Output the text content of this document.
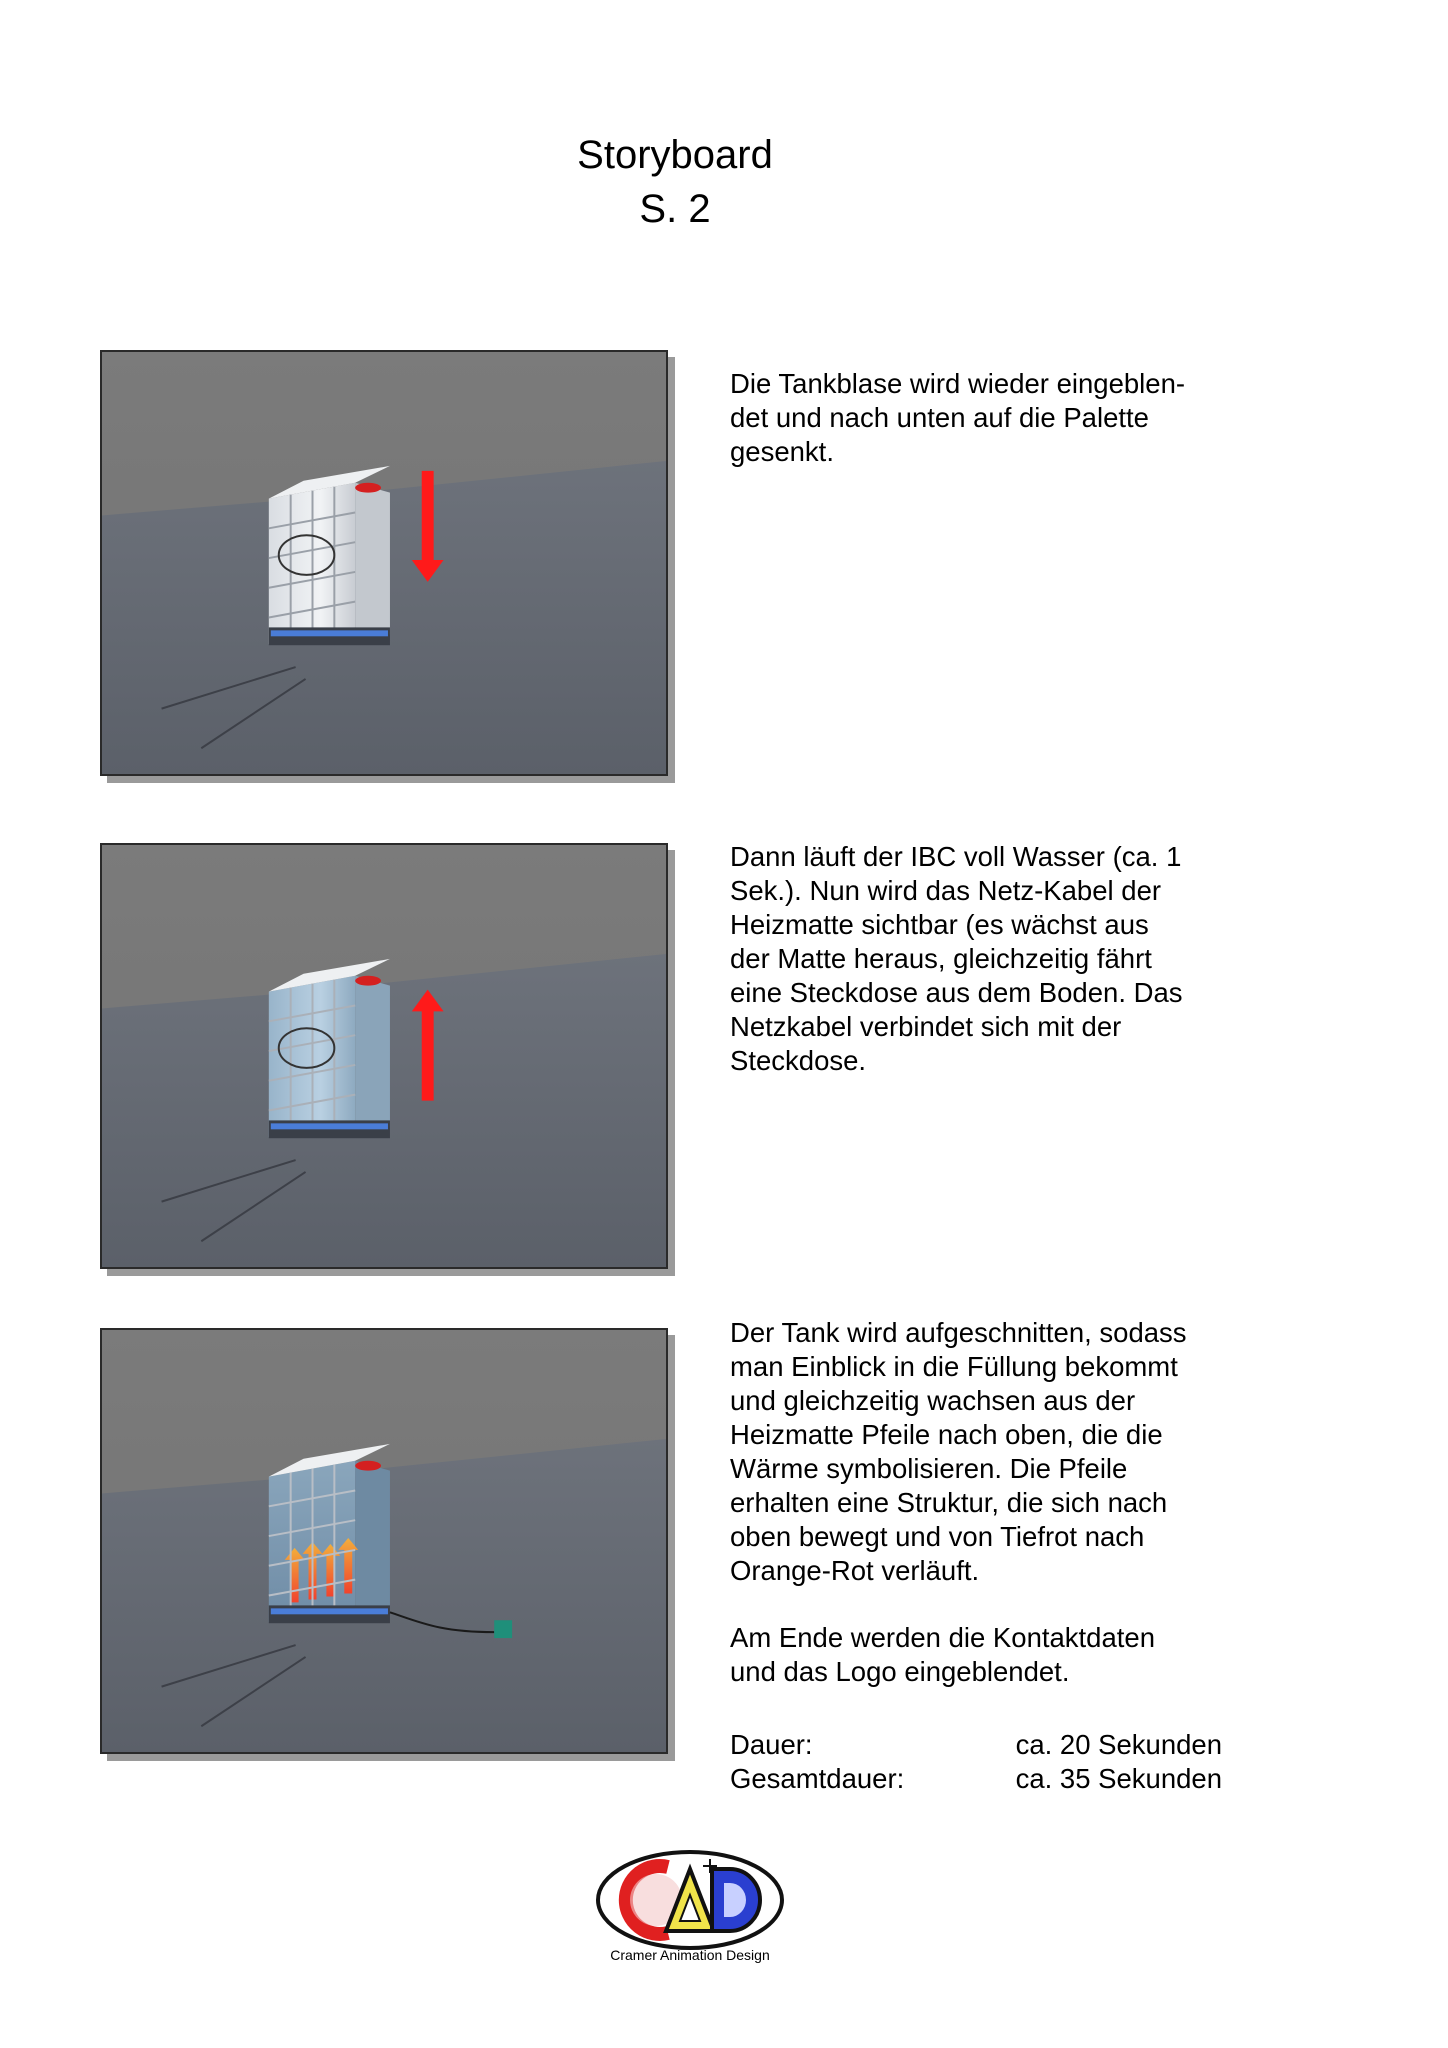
Storyboard
S. 2
Die Tankblase wird wieder eingeblen-
det und nach unten auf die Palette
gesenkt.
Dann läuft der IBC voll Wasser (ca. 1
Sek.). Nun wird das Netz-Kabel der
Heizmatte sichtbar (es wächst aus
der Matte heraus, gleichzeitig fährt
eine Steckdose aus dem Boden. Das
Netzkabel verbindet sich mit der
Steckdose.
Der Tank wird aufgeschnitten, sodass
man Einblick in die Füllung bekommt
und gleichzeitig wachsen aus der
Heizmatte Pfeile nach oben, die die
Wärme symbolisieren. Die Pfeile
erhalten eine Struktur, die sich nach
oben bewegt und von Tiefrot nach
Orange-Rot verläuft.
Am Ende werden die Kontaktdaten
und das Logo eingeblendet.
Dauer:	ca. 20 Sekunden
Gesamtdauer:	ca. 35 Sekunden
Cramer Animation Design
